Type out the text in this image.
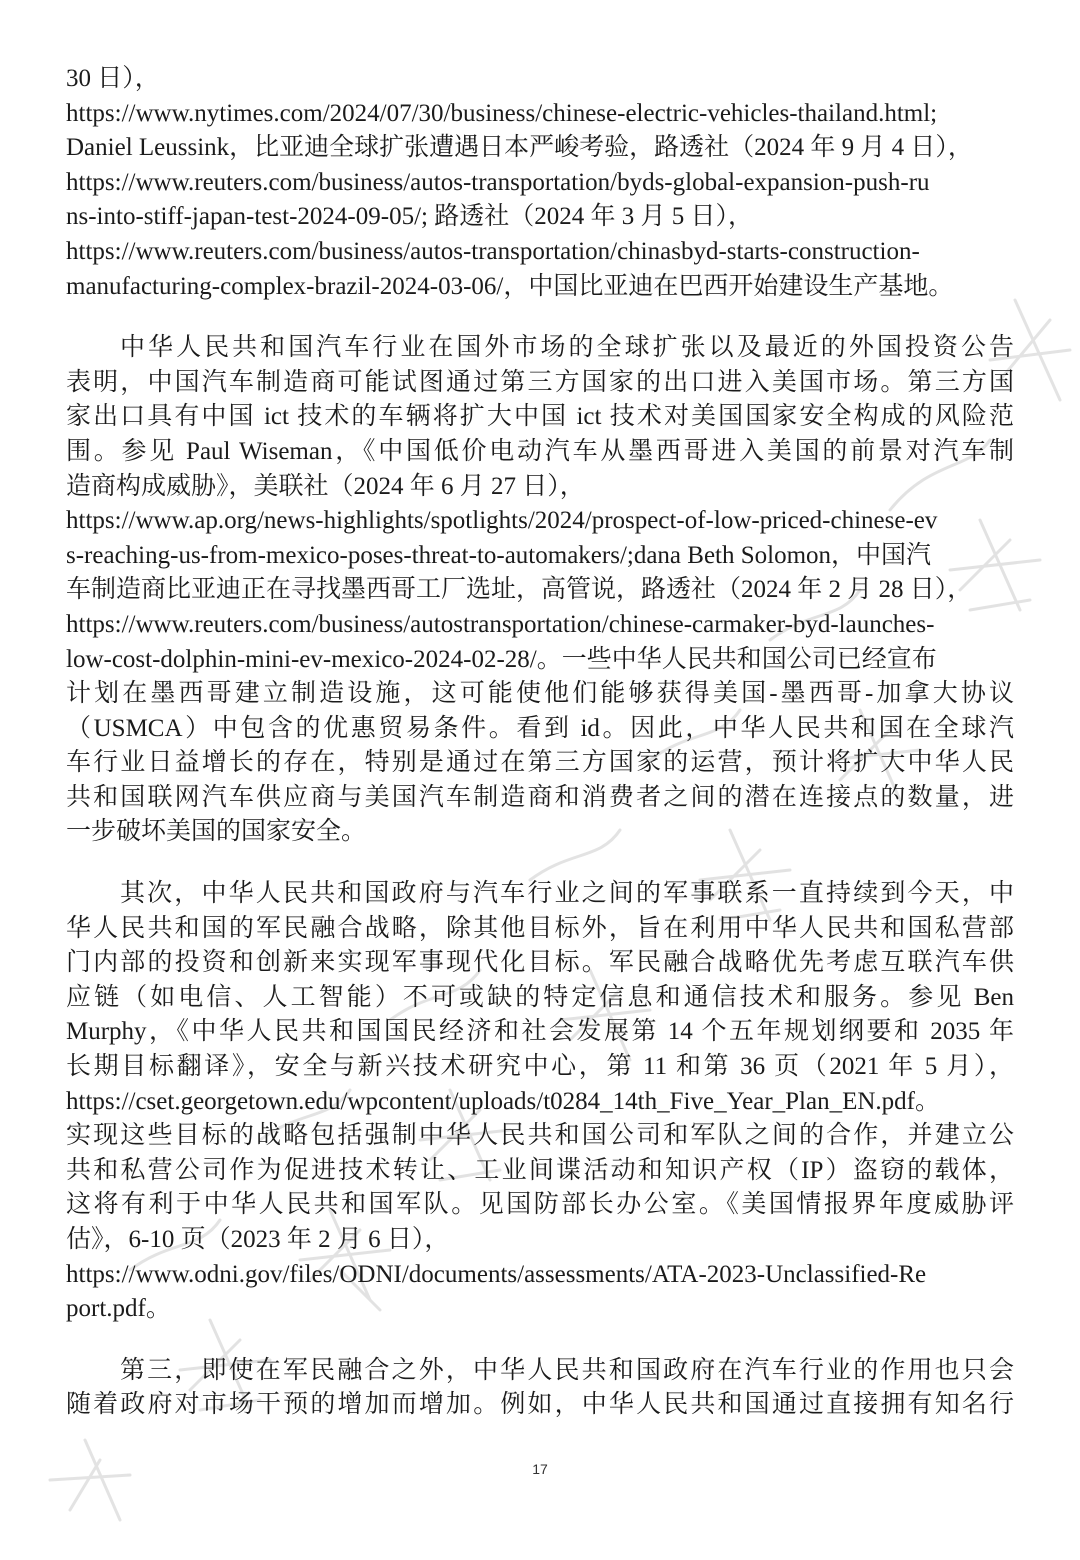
30 日），
https://www.nytimes.com/2024/07/30/business/chinese-electric-vehicles-thailand.html;
Daniel Leussink，比亚迪全球扩张遭遇日本严峻考验，路透社（2024 年 9 月 4 日），
https://www.reuters.com/business/autos-transportation/byds-global-expansion-push-ru
ns-into-stiff-japan-test-2024-09-05/; 路透社（2024 年 3 月 5 日），
https://www.reuters.com/business/autos-transportation/chinasbyd-starts-construction-
manufacturing-complex-brazil-2024-03-06/，中国比亚迪在巴西开始建设生产基地。
中华人民共和国汽车行业在国外市场的全球扩张以及最近的外国投资公告
表明，中国汽车制造商可能试图通过第三方国家的出口进入美国市场。第三方国
家出口具有中国 ict 技术的车辆将扩大中国 ict 技术对美国国家安全构成的风险范
围。参见 Paul Wiseman，《中国低价电动汽车从墨西哥进入美国的前景对汽车制
造商构成威胁》，美联社（2024 年 6 月 27 日），
https://www.ap.org/news-highlights/spotlights/2024/prospect-of-low-priced-chinese-ev
s-reaching-us-from-mexico-poses-threat-to-automakers/;dana Beth Solomon，中国汽
车制造商比亚迪正在寻找墨西哥工厂选址，高管说，路透社（2024 年 2 月 28 日），
https://www.reuters.com/business/autostransportation/chinese-carmaker-byd-launches-
low-cost-dolphin-mini-ev-mexico-2024-02-28/。一些中华人民共和国公司已经宣布
计划在墨西哥建立制造设施，这可能使他们能够获得美国-墨西哥-加拿大协议
（USMCA）中包含的优惠贸易条件。看到 id。因此，中华人民共和国在全球汽
车行业日益增长的存在，特别是通过在第三方国家的运营，预计将扩大中华人民
共和国联网汽车供应商与美国汽车制造商和消费者之间的潜在连接点的数量，进
一步破坏美国的国家安全。
其次，中华人民共和国政府与汽车行业之间的军事联系一直持续到今天，中
华人民共和国的军民融合战略，除其他目标外，旨在利用中华人民共和国私营部
门内部的投资和创新来实现军事现代化目标。军民融合战略优先考虑互联汽车供
应链（如电信、人工智能）不可或缺的特定信息和通信技术和服务。参见 Ben
Murphy，《中华人民共和国国民经济和社会发展第 14 个五年规划纲要和 2035 年
长期目标翻译》，安全与新兴技术研究中心，第 11 和第 36 页（2021 年 5 月），
https://cset.georgetown.edu/wpcontent/uploads/t0284_14th_Five_Year_Plan_EN.pdf。
实现这些目标的战略包括强制中华人民共和国公司和军队之间的合作，并建立公
共和私营公司作为促进技术转让、工业间谍活动和知识产权（IP）盗窃的载体，
这将有利于中华人民共和国军队。见国防部长办公室。《美国情报界年度威胁评
估》，6-10 页（2023 年 2 月 6 日），
https://www.odni.gov/files/ODNI/documents/assessments/ATA-2023-Unclassified-Re
port.pdf。
第三，即使在军民融合之外，中华人民共和国政府在汽车行业的作用也只会
随着政府对市场干预的增加而增加。例如，中华人民共和国通过直接拥有知名行
17
